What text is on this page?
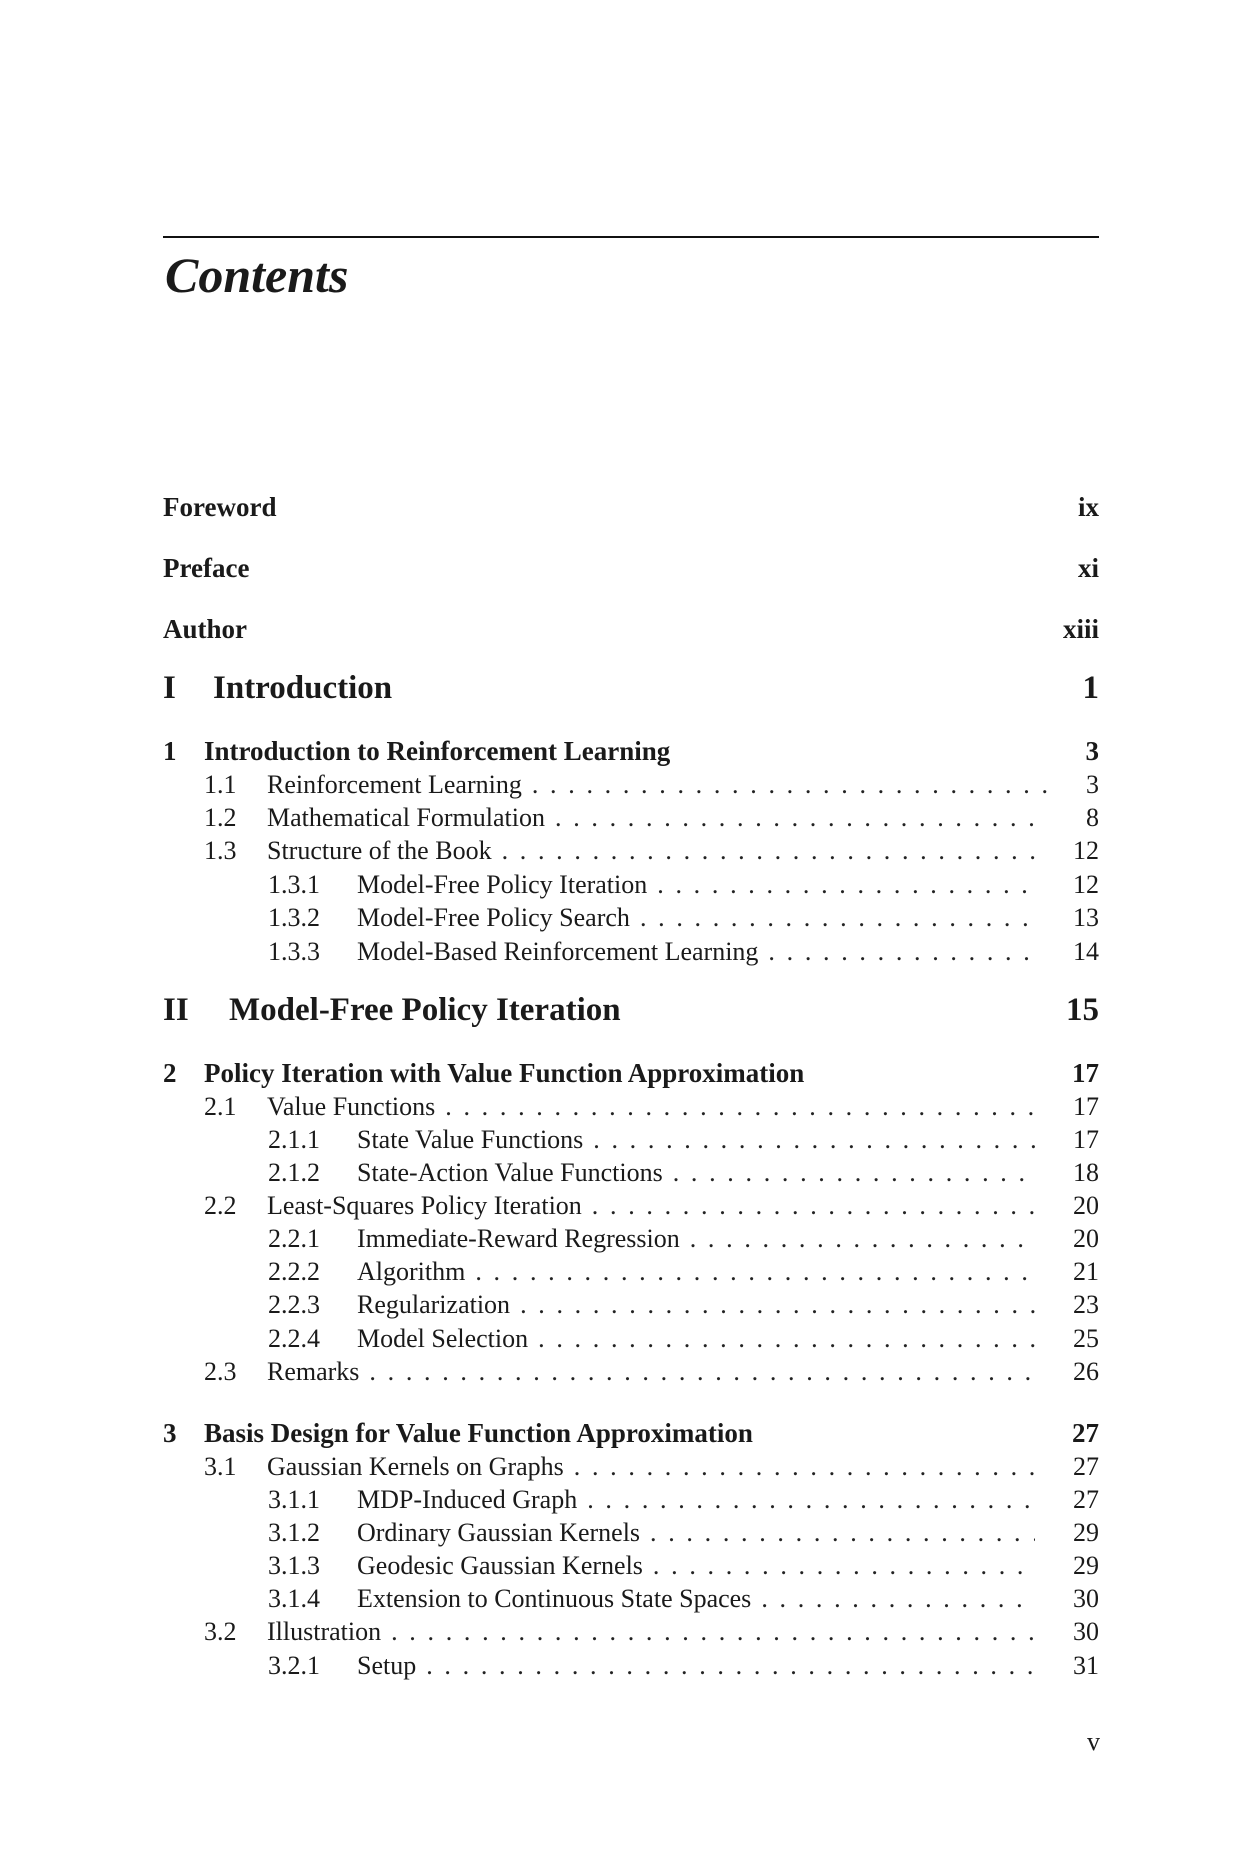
Contents
Foreword	ix
Preface	xi
Author	xiii
I	Introduction	1
1	Introduction to Reinforcement Learning	3
1.1	Reinforcement Learning . . .	3
1.2	Mathematical Formulation . . .	8
1.3	Structure of the Book . . .	12
1.3.1	Model-Free Policy Iteration . . .	12
1.3.2	Model-Free Policy Search . . .	13
1.3.3	Model-Based Reinforcement Learning . . .	14
II	Model-Free Policy Iteration	15
2	Policy Iteration with Value Function Approximation	17
2.1	Value Functions . . .	17
2.1.1	State Value Functions . . .	17
2.1.2	State-Action Value Functions . . .	18
2.2	Least-Squares Policy Iteration . . .	20
2.2.1	Immediate-Reward Regression . . .	20
2.2.2	Algorithm . . .	21
2.2.3	Regularization . . .	23
2.2.4	Model Selection . . .	25
2.3	Remarks . . .	26
3	Basis Design for Value Function Approximation	27
3.1	Gaussian Kernels on Graphs . . .	27
3.1.1	MDP-Induced Graph . . .	27
3.1.2	Ordinary Gaussian Kernels . . .	29
3.1.3	Geodesic Gaussian Kernels . . .	29
3.1.4	Extension to Continuous State Spaces . . .	30
3.2	Illustration . . .	30
3.2.1	Setup . . .	31
v
